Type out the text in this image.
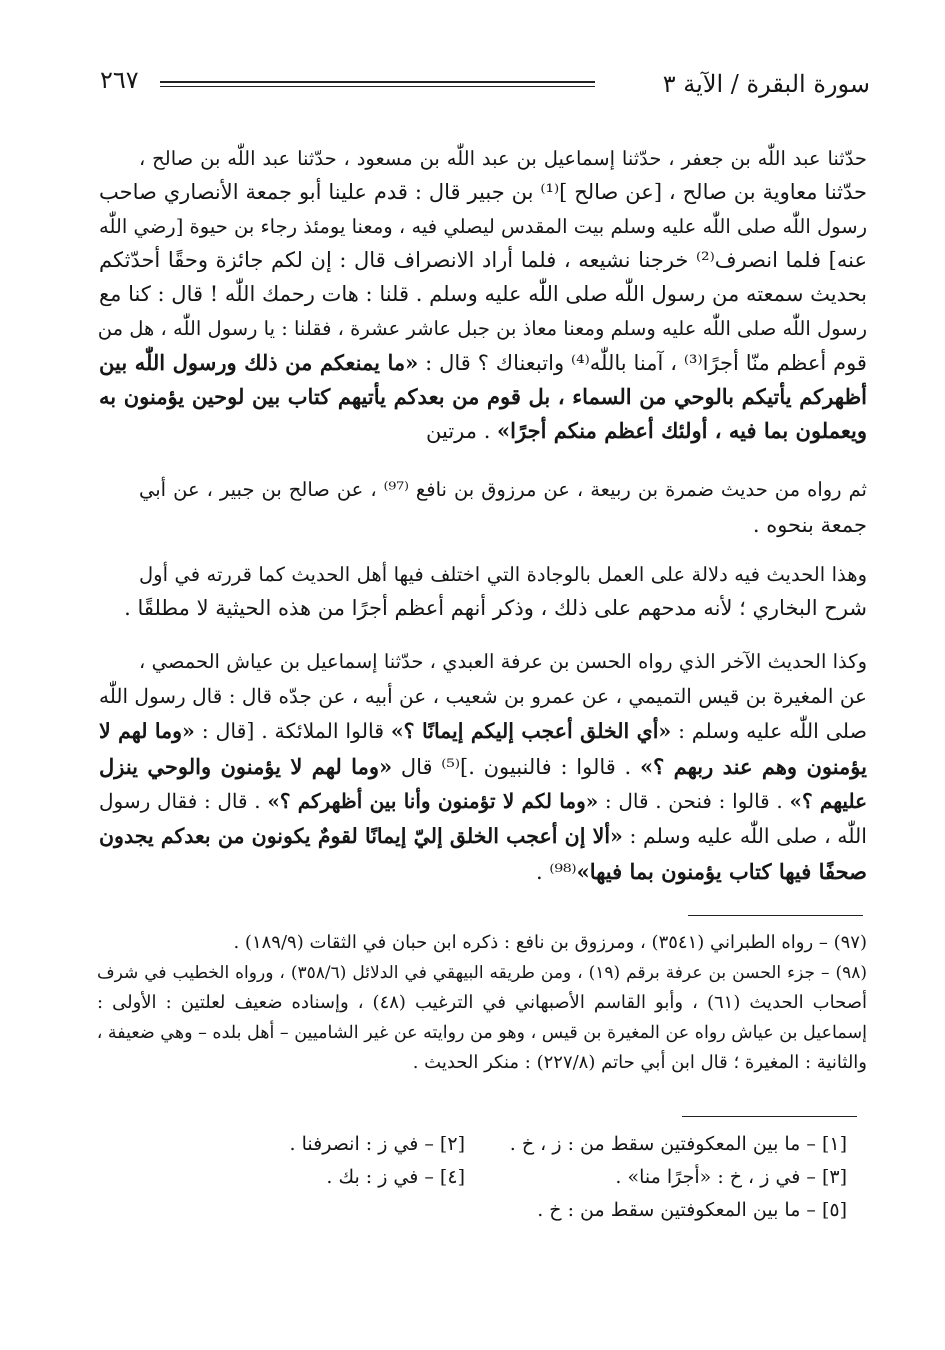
سورة البقرة / الآية ٣
٢٦٧
حدّثنا عبد اللّٰه بن جعفر ، حدّثنا إسماعيل بن عبد اللّٰه بن مسعود ، حدّثنا عبد اللّٰه بن صالح ،
حدّثنا معاوية بن صالح ، [عن صالح ]⁽¹⁾ بن جبير قال : قدم علينا أبو جمعة الأنصاري صاحب
رسول اللّٰه صلى اللّٰه عليه وسلم بيت المقدس ليصلي فيه ، ومعنا يومئذ رجاء بن حيوة [رضي اللّٰه
عنه] فلما انصرف⁽²⁾ خرجنا نشيعه ، فلما أراد الانصراف قال : إن لكم جائزة وحقًا أحدّثكم
بحديث سمعته من رسول اللّٰه صلى اللّٰه عليه وسلم . قلنا : هات رحمك اللّٰه ! قال : كنا مع
رسول اللّٰه صلى اللّٰه عليه وسلم ومعنا معاذ بن جبل عاشر عشرة ، فقلنا : يا رسول اللّٰه ، هل من
قوم أعظم منّا أجرًا⁽³⁾ ، آمنا باللّٰه⁽⁴⁾ واتبعناك ؟ قال : «ما يمنعكم من ذلك ورسول اللّٰه بين
أظهركم يأتيكم بالوحي من السماء ، بل قوم من بعدكم يأتيهم كتاب بين لوحين يؤمنون به
ويعملون بما فيه ، أولئك أعظم منكم أجرًا» . مرتين
ثم رواه من حديث ضمرة بن ربيعة ، عن مرزوق بن نافع ⁽⁹⁷⁾ ، عن صالح بن جبير ، عن أبي
جمعة بنحوه .
وهذا الحديث فيه دلالة على العمل بالوجادة التي اختلف فيها أهل الحديث كما قررته في أول
شرح البخاري ؛ لأنه مدحهم على ذلك ، وذكر أنهم أعظم أجرًا من هذه الحيثية لا مطلقًا .
وكذا الحديث الآخر الذي رواه الحسن بن عرفة العبدي ، حدّثنا إسماعيل بن عياش الحمصي ،
عن المغيرة بن قيس التميمي ، عن عمرو بن شعيب ، عن أبيه ، عن جدّه قال : قال رسول اللّٰه
صلى اللّٰه عليه وسلم : «أي الخلق أعجب إليكم إيمانًا ؟» قالوا الملائكة . [قال : «وما لهم لا
يؤمنون وهم عند ربهم ؟» . قالوا : فالنبيون .]⁽⁵⁾ قال «وما لهم لا يؤمنون والوحي ينزل
عليهم ؟» . قالوا : فنحن . قال : «وما لكم لا تؤمنون وأنا بين أظهركم ؟» . قال : فقال رسول
اللّٰه ، صلى اللّٰه عليه وسلم : «ألا إن أعجب الخلق إليّ إيمانًا لقومٌ يكونون من بعدكم يجدون
صحفًا فيها كتاب يؤمنون بما فيها»⁽⁹⁸⁾ .
(٩٧) – رواه الطبراني (٣٥٤١) ، ومرزوق بن نافع : ذكره ابن حبان في الثقات (١٨٩/٩) .
(٩٨) – جزء الحسن بن عرفة برقم (١٩) ، ومن طريقه البيهقي في الدلائل (٣٥٨/٦) ، ورواه الخطيب في شرف
أصحاب الحديث (٦١) ، وأبو القاسم الأصبهاني في الترغيب (٤٨) ، وإسناده ضعيف لعلتين : الأولى :
إسماعيل بن عياش رواه عن المغيرة بن قيس ، وهو من روايته عن غير الشاميين – أهل بلده – وهي ضعيفة ،
والثانية : المغيرة ؛ قال ابن أبي حاتم (٢٢٧/٨) : منكر الحديث .
[١] – ما بين المعكوفتين سقط من : ز ، خ .
[٢] – في ز : انصرفنا .
[٣] – في ز ، خ : «أجرًا منا» .
[٤] – في ز : بك .
[٥] – ما بين المعكوفتين سقط من : خ .
